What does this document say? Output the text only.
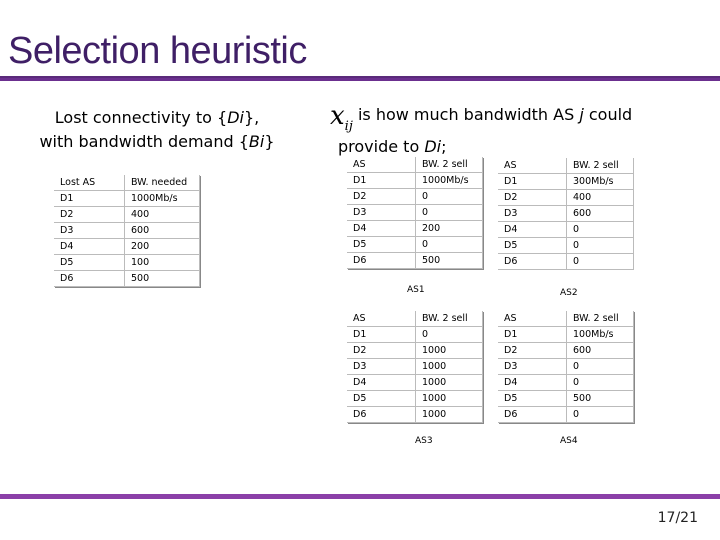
Selection heuristic
Lost connectivity to {Di},
with bandwidth demand {Bi}
$x_{ij}$ is how much bandwidth AS j could
provide to Di;
Lost AS	BW. needed
D1	1000Mb/s
D2	400
D3	600
D4	200
D5	100
D6	500
AS	BW. 2 sell
D1	1000Mb/s
D2	0
D3	0
D4	200
D5	0
D6	500
AS1
AS	BW. 2 sell
D1	300Mb/s
D2	400
D3	600
D4	0
D5	0
D6	0
AS2
AS	BW. 2 sell
D1	0
D2	1000
D3	1000
D4	1000
D5	1000
D6	1000
AS3
AS	BW. 2 sell
D1	100Mb/s
D2	600
D3	0
D4	0
D5	500
D6	0
AS4
17/21
